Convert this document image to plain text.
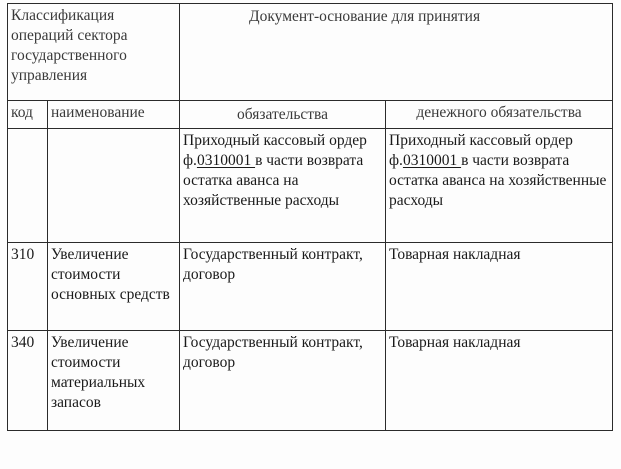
Классификация операций сектора государственного управления		Документ-основание для принятия	

код	наименование	обязательства	денежного обязательства
		Приходный кассовый ордер ф.0310001 в части возврата остатка аванса на хозяйственные расходы	Приходный кассовый ордер ф.0310001 в части возврата остатка аванса на хозяйственные расходы
310	Увеличение стоимости основных средств	Государственный контракт, договор	Товарная накладная
340	Увеличение стоимости материальных запасов	Государственный контракт, договор	Товарная накладная
